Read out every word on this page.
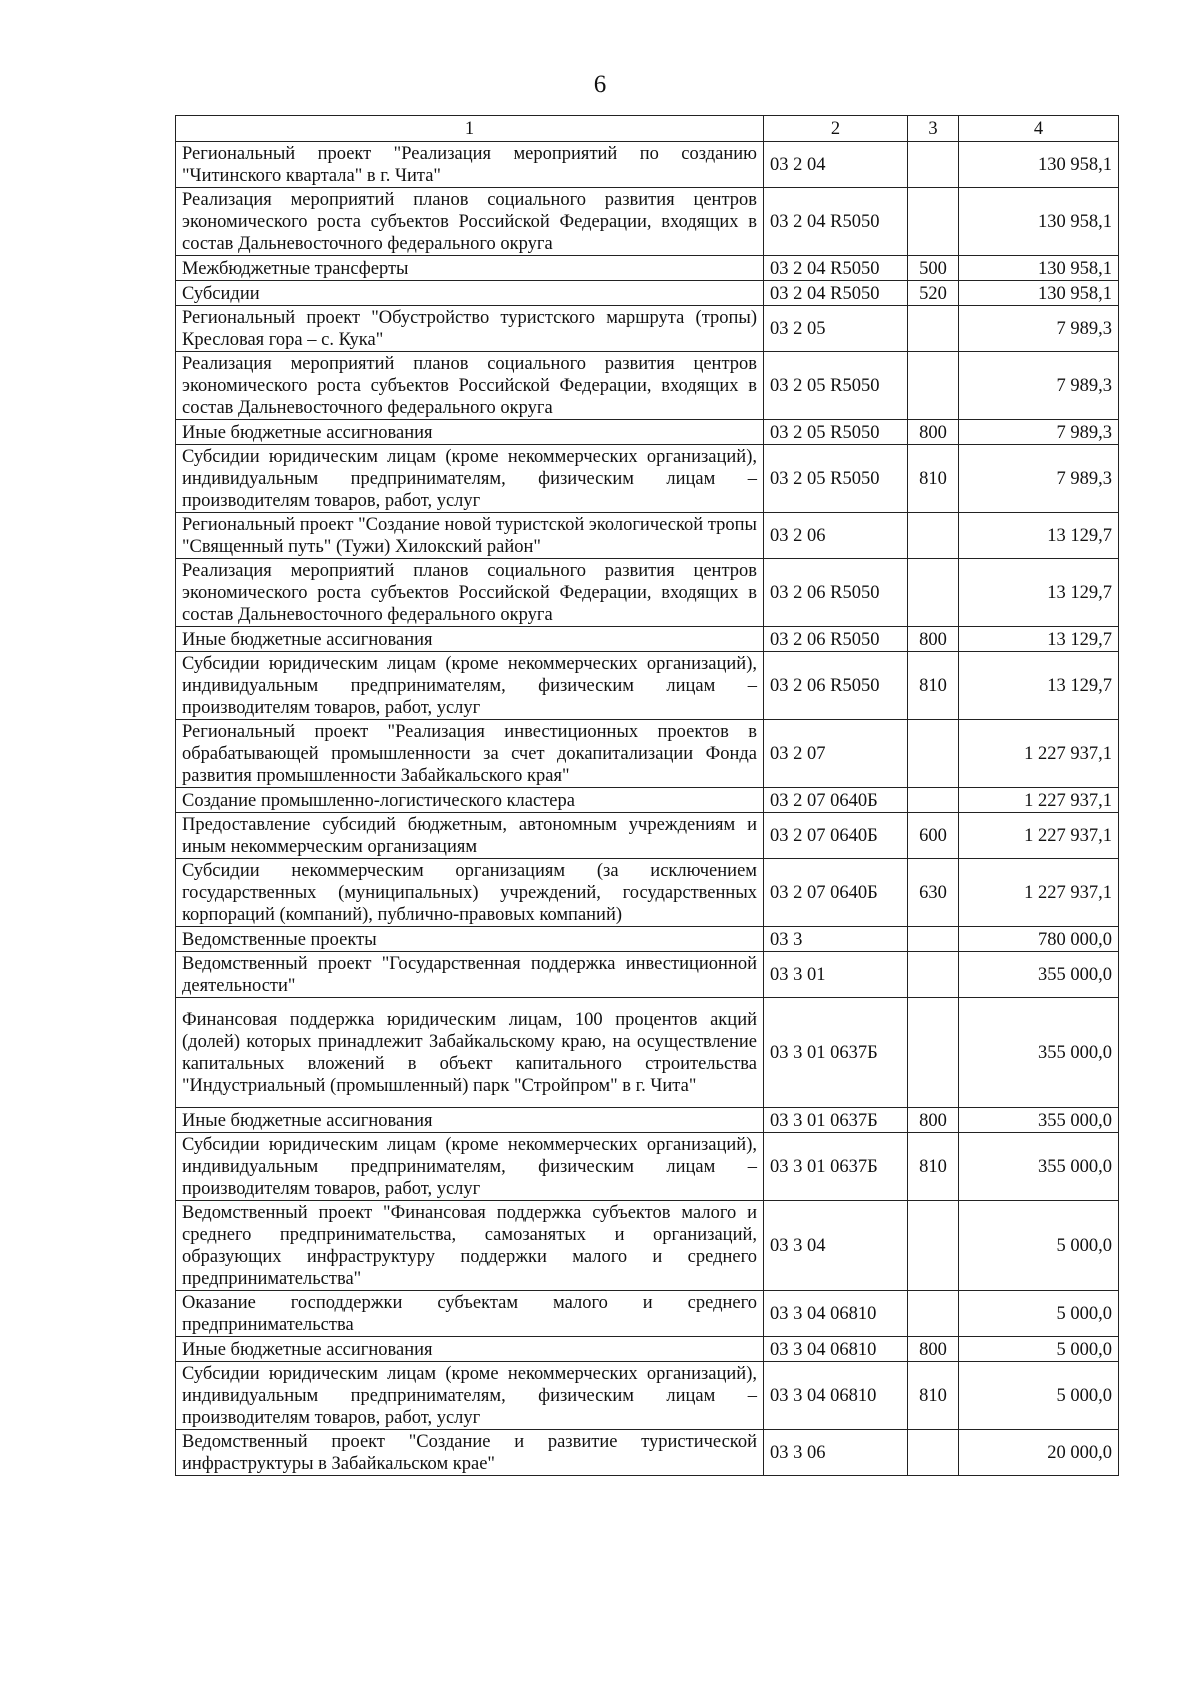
6
1	2	3	4
Региональный проект "Реализация мероприятий по созданию "Читинского квартала" в г. Чита"	03 2 04		130 958,1
Реализация мероприятий планов социального развития центров экономического роста субъектов Российской Федерации, входящих в состав Дальневосточного федерального округа	03 2 04 R5050		130 958,1
Межбюджетные трансферты	03 2 04 R5050	500	130 958,1
Субсидии	03 2 04 R5050	520	130 958,1
Региональный проект "Обустройство туристского маршрута (тропы) Кресловая гора – с. Кука"	03 2 05		7 989,3
Реализация мероприятий планов социального развития центров экономического роста субъектов Российской Федерации, входящих в состав Дальневосточного федерального округа	03 2 05 R5050		7 989,3
Иные бюджетные ассигнования	03 2 05 R5050	800	7 989,3
Субсидии юридическим лицам (кроме некоммерческих организаций), индивидуальным предпринимателям, физическим лицам – производителям товаров, работ, услуг	03 2 05 R5050	810	7 989,3
Региональный проект "Создание новой туристской экологической тропы "Священный путь" (Тужи) Хилокский район"	03 2 06		13 129,7
Реализация мероприятий планов социального развития центров экономического роста субъектов Российской Федерации, входящих в состав Дальневосточного федерального округа	03 2 06 R5050		13 129,7
Иные бюджетные ассигнования	03 2 06 R5050	800	13 129,7
Субсидии юридическим лицам (кроме некоммерческих организаций), индивидуальным предпринимателям, физическим лицам – производителям товаров, работ, услуг	03 2 06 R5050	810	13 129,7
Региональный проект "Реализация инвестиционных проектов в обрабатывающей промышленности за счет докапитализации Фонда развития промышленности Забайкальского края"	03 2 07		1 227 937,1
Создание промышленно-логистического кластера	03 2 07 0640Б		1 227 937,1
Предоставление субсидий бюджетным, автономным учреждениям и иным некоммерческим организациям	03 2 07 0640Б	600	1 227 937,1
Субсидии некоммерческим организациям (за исключением государственных (муниципальных) учреждений, государственных корпораций (компаний), публично-правовых компаний)	03 2 07 0640Б	630	1 227 937,1
Ведомственные проекты	03 3		780 000,0
Ведомственный проект "Государственная поддержка инвестиционной деятельности"	03 3 01		355 000,0
Финансовая поддержка юридическим лицам, 100 процентов акций (долей) которых принадлежит Забайкальскому краю, на осуществление капитальных вложений в объект капитального строительства "Индустриальный (промышленный) парк "Стройпром" в г. Чита"	03 3 01 0637Б		355 000,0
Иные бюджетные ассигнования	03 3 01 0637Б	800	355 000,0
Субсидии юридическим лицам (кроме некоммерческих организаций), индивидуальным предпринимателям, физическим лицам – производителям товаров, работ, услуг	03 3 01 0637Б	810	355 000,0
Ведомственный проект "Финансовая поддержка субъектов малого и среднего предпринимательства, самозанятых и организаций, образующих инфраструктуру поддержки малого и среднего предпринимательства"	03 3 04		5 000,0
Оказание господдержки субъектам малого и среднего предпринимательства	03 3 04 06810		5 000,0
Иные бюджетные ассигнования	03 3 04 06810	800	5 000,0
Субсидии юридическим лицам (кроме некоммерческих организаций), индивидуальным предпринимателям, физическим лицам – производителям товаров, работ, услуг	03 3 04 06810	810	5 000,0
Ведомственный проект "Создание и развитие туристической инфраструктуры в Забайкальском крае"	03 3 06		20 000,0
